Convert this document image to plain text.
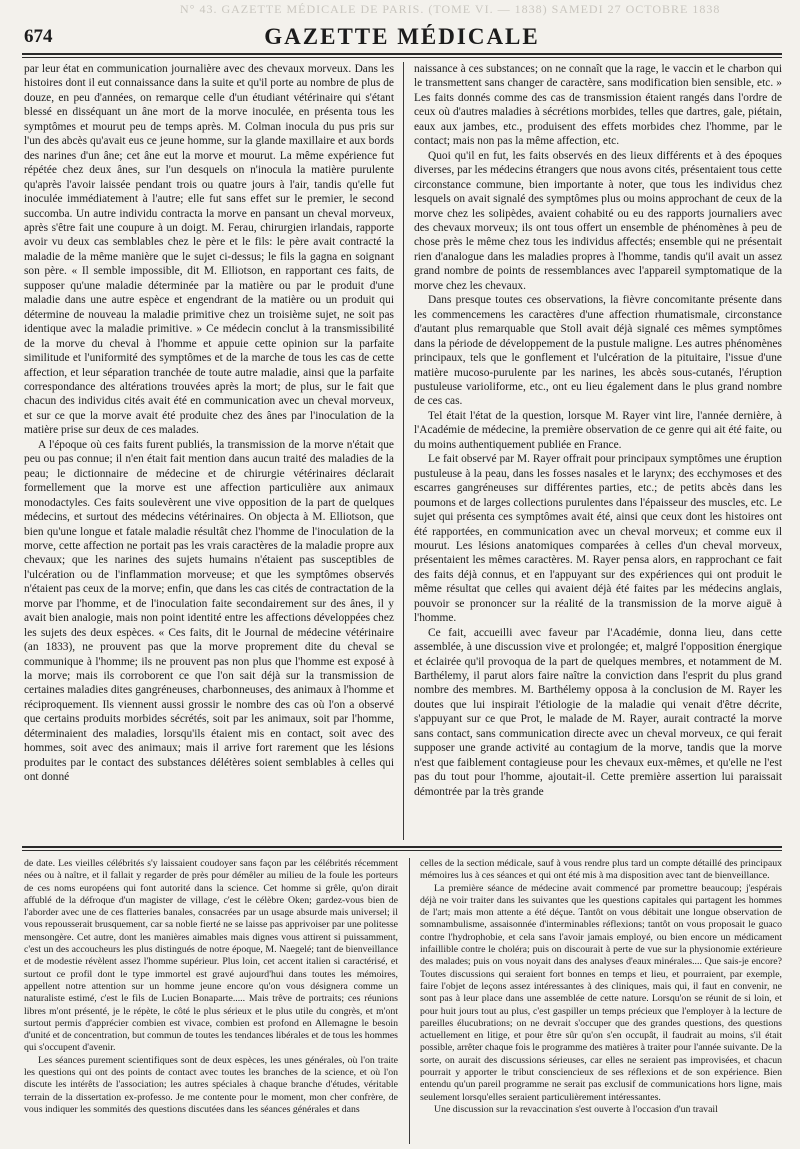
N° 43. GAZETTE MÉDICALE DE PARIS. (TOME VI. — 1838) SAMEDI 27 OCTOBRE 1838
674	GAZETTE MÉDICALE

par leur état en communication journalière avec des chevaux morveux. Dans les histoires dont il eut connaissance dans la suite et qu'il porte au nombre de plus de douze, en peu d'années, on remarque celle d'un étudiant vétérinaire qui s'étant blessé en disséquant un âne mort de la morve inoculée, en présenta tous les symptômes et mourut peu de temps après. M. Colman inocula du pus pris sur l'un des abcès qu'avait eus ce jeune homme, sur la glande maxillaire et aux bords des narines d'un âne; cet âne eut la morve et mourut. La même expérience fut répétée chez deux ânes, sur l'un desquels on n'inocula la matière purulente qu'après l'avoir laissée pendant trois ou quatre jours à l'air, tandis qu'elle fut inoculée immédiatement à l'autre; elle fut sans effet sur le premier, le second succomba. Un autre individu contracta la morve en pansant un cheval morveux, après s'être fait une coupure à un doigt. M. Ferau, chirurgien irlandais, rapporte avoir vu deux cas semblables chez le père et le fils: le père avait contracté la maladie de la même manière que le sujet ci-dessus; le fils la gagna en soignant son père. « Il semble impossible, dit M. Elliotson, en rapportant ces faits, de supposer qu'une maladie déterminée par la matière ou par le produit d'une maladie dans une autre espèce et engendrant de la matière ou un produit qui détermine de nouveau la maladie primitive chez un troisième sujet, ne soit pas identique avec la maladie primitive. » Ce médecin conclut à la transmissibilité de la morve du cheval à l'homme et appuie cette opinion sur la parfaite similitude et l'uniformité des symptômes et de la marche de tous les cas de cette affection, et leur séparation tranchée de toute autre maladie, ainsi que la parfaite correspondance des altérations trouvées après la mort; de plus, sur le fait que chacun des individus cités avait été en communication avec un cheval morveux, et sur ce que la morve avait été produite chez des ânes par l'inoculation de la matière prise sur deux de ces malades.

A l'époque où ces faits furent publiés, la transmission de la morve n'était que peu ou pas connue; il n'en était fait mention dans aucun traité des maladies de la peau; le dictionnaire de médecine et de chirurgie vétérinaires déclarait formellement que la morve est une affection particulière aux animaux monodactyles. Ces faits soulevèrent une vive opposition de la part de quelques médecins, et surtout des médecins vétérinaires. On objecta à M. Elliotson, que bien qu'une longue et fatale maladie résultât chez l'homme de l'inoculation de la morve, cette affection ne portait pas les vrais caractères de la maladie propre aux chevaux; que les narines des sujets humains n'étaient pas susceptibles de l'ulcération ou de l'inflammation morveuse; et que les symptômes observés n'étaient pas ceux de la morve; enfin, que dans les cas cités de contractation de la morve par l'homme, et de l'inoculation faite secondairement sur des ânes, il y avait bien analogie, mais non point identité entre les affections développées chez les sujets des deux espèces. « Ces faits, dit le Journal de médecine vétérinaire (an 1833), ne prouvent pas que la morve proprement dite du cheval se communique à l'homme; ils ne prouvent pas non plus que l'homme est exposé à la morve; mais ils corroborent ce que l'on sait déjà sur la transmission de certaines maladies dites gangréneuses, charbonneuses, des animaux à l'homme et réciproquement. Ils viennent aussi grossir le nombre des cas où l'on a observé que certains produits morbides sécrétés, soit par les animaux, soit par l'homme, déterminaient des maladies, lorsqu'ils étaient mis en contact, soit avec des hommes, soit avec des animaux; mais il arrive fort rarement que les lésions produites par le contact des substances délétères soient semblables à celles qui ont donné

naissance à ces substances; on ne connaît que la rage, le vaccin et le charbon qui le transmettent sans changer de caractère, sans modification bien sensible, etc. » Les faits donnés comme des cas de transmission étaient rangés dans l'ordre de ceux où d'autres maladies à sécrétions morbides, telles que dartres, gale, piétain, eaux aux jambes, etc., produisent des effets morbides chez l'homme, par le contact; mais non pas la même affection, etc.

Quoi qu'il en fut, les faits observés en des lieux différents et à des époques diverses, par les médecins étrangers que nous avons cités, présentaient tous cette circonstance commune, bien importante à noter, que tous les individus chez lesquels on avait signalé des symptômes plus ou moins approchant de ceux de la morve chez les solipèdes, avaient cohabité ou eu des rapports journaliers avec des chevaux morveux; ils ont tous offert un ensemble de phénomènes à peu de chose près le même chez tous les individus affectés; ensemble qui ne présentait rien d'analogue dans les maladies propres à l'homme, tandis qu'il avait un assez grand nombre de points de ressemblances avec l'appareil symptomatique de la morve chez les chevaux.

Dans presque toutes ces observations, la fièvre concomitante présente dans les commencemens les caractères d'une affection rhumatismale, circonstance d'autant plus remarquable que Stoll avait déjà signalé ces mêmes symptômes dans la période de développement de la pustule maligne. Les autres phénomènes principaux, tels que le gonflement et l'ulcération de la pituitaire, l'issue d'une matière mucoso-purulente par les narines, les abcès sous-cutanés, l'éruption pustuleuse varioliforme, etc., ont eu lieu également dans le plus grand nombre de ces cas.

Tel était l'état de la question, lorsque M. Rayer vint lire, l'année dernière, à l'Académie de médecine, la première observation de ce genre qui ait été faite, ou du moins authentiquement publiée en France.

Le fait observé par M. Rayer offrait pour principaux symptômes une éruption pustuleuse à la peau, dans les fosses nasales et le larynx; des ecchymoses et des escarres gangréneuses sur différentes parties, etc.; de petits abcès dans les poumons et de larges collections purulentes dans l'épaisseur des muscles, etc. Le sujet qui présenta ces symptômes avait été, ainsi que ceux dont les histoires ont été rapportées, en communication avec un cheval morveux; et comme eux il mourut. Les lésions anatomiques comparées à celles d'un cheval morveux, présentaient les mêmes caractères. M. Rayer pensa alors, en rapprochant ce fait des faits déjà connus, et en l'appuyant sur des expériences qui ont produit le même résultat que celles qui avaient déjà été faites par les médecins anglais, pouvoir se prononcer sur la réalité de la transmission de la morve aiguë à l'homme.

Ce fait, accueilli avec faveur par l'Académie, donna lieu, dans cette assemblée, à une discussion vive et prolongée; et, malgré l'opposition énergique et éclairée qu'il provoqua de la part de quelques membres, et notamment de M. Barthélemy, il parut alors faire naître la conviction dans l'esprit du plus grand nombre des membres. M. Barthélemy opposa à la conclusion de M. Rayer les doutes que lui inspirait l'étiologie de la maladie qui venait d'être décrite, s'appuyant sur ce que Prot, le malade de M. Rayer, aurait contracté la morve sans contact, sans communication directe avec un cheval morveux, ce qui ferait supposer une grande activité au contagium de la morve, tandis que la morve n'est que faiblement contagieuse pour les chevaux eux-mêmes, et qu'elle ne l'est pas du tout pour l'homme, ajoutait-il. Cette première assertion lui paraissait démontrée par la très grande

de date. Les vieilles célébrités s'y laissaient coudoyer sans façon par les célébrités récemment nées ou à naître, et il fallait y regarder de près pour démêler au milieu de la foule les porteurs de ces noms européens qui font autorité dans la science. Cet homme si grêle, qu'on dirait affublé de la défroque d'un magister de village, c'est le célèbre Oken; gardez-vous bien de l'aborder avec une de ces flatteries banales, consacrées par un usage absurde mais universel; il vous repousserait brusquement, car sa noble fierté ne se laisse pas apprivoiser par une politesse mensongère. Cet autre, dont les manières aimables mais dignes vous attirent si puissamment, c'est un des accoucheurs les plus distingués de notre époque, M. Naegelé; tant de bienveillance et de modestie révèlent assez l'homme supérieur. Plus loin, cet accent italien si caractérisé, et surtout ce profil dont le type immortel est gravé aujourd'hui dans toutes les mémoires, appellent notre attention sur un homme jeune encore qu'on vous désignera comme un naturaliste estimé, c'est le fils de Lucien Bonaparte..... Mais trêve de portraits; ces réunions libres m'ont présenté, je le répète, le côté le plus sérieux et le plus utile du congrès, et m'ont surtout permis d'apprécier combien est vivace, combien est profond en Allemagne le besoin d'unité et de concentration, but commun de toutes les tendances libérales et de tous les hommes qui s'occupent d'avenir.

Les séances purement scientifiques sont de deux espèces, les unes générales, où l'on traite les questions qui ont des points de contact avec toutes les branches de la science, et où l'on discute les intérêts de l'association; les autres spéciales à chaque branche d'études, véritable terrain de la dissertation ex-professo. Je me contente pour le moment, mon cher confrère, de vous indiquer les sommités des questions discutées dans les séances générales et dans

celles de la section médicale, sauf à vous rendre plus tard un compte détaillé des principaux mémoires lus à ces séances et qui ont été mis à ma disposition avec tant de bienveillance.

La première séance de médecine avait commencé par promettre beaucoup; j'espérais déjà ne voir traiter dans les suivantes que les questions capitales qui partagent les hommes de l'art; mais mon attente a été déçue. Tantôt on vous débitait une longue observation de somnambulisme, assaisonnée d'interminables réflexions; tantôt on vous proposait le guaco contre l'hydrophobie, et cela sans l'avoir jamais employé, ou bien encore un médicament infaillible contre le choléra; puis on discourait à perte de vue sur la physionomie extérieure des malades; puis on vous noyait dans des analyses d'eaux minérales.... Que sais-je encore? Toutes discussions qui seraient fort bonnes en temps et lieu, et pourraient, par exemple, faire l'objet de leçons assez intéressantes à des cliniques, mais qui, il faut en convenir, ne sont pas à leur place dans une assemblée de cette nature. Lorsqu'on se réunit de si loin, et pour huit jours tout au plus, c'est gaspiller un temps précieux que l'employer à la lecture de pareilles élucubrations; on ne devrait s'occuper que des grandes questions, des questions actuellement en litige, et pour être sûr qu'on s'en occupât, il faudrait au moins, s'il était possible, arrêter chaque fois le programme des matières à traiter pour l'année suivante. De la sorte, on aurait des discussions sérieuses, car elles ne seraient pas improvisées, et chacun pourrait y apporter le tribut consciencieux de ses réflexions et de son expérience. Bien entendu qu'un pareil programme ne serait pas exclusif de communications hors ligne, mais seulement lorsqu'elles seraient particulièrement intéressantes.

Une discussion sur la revaccination s'est ouverte à l'occasion d'un travail
